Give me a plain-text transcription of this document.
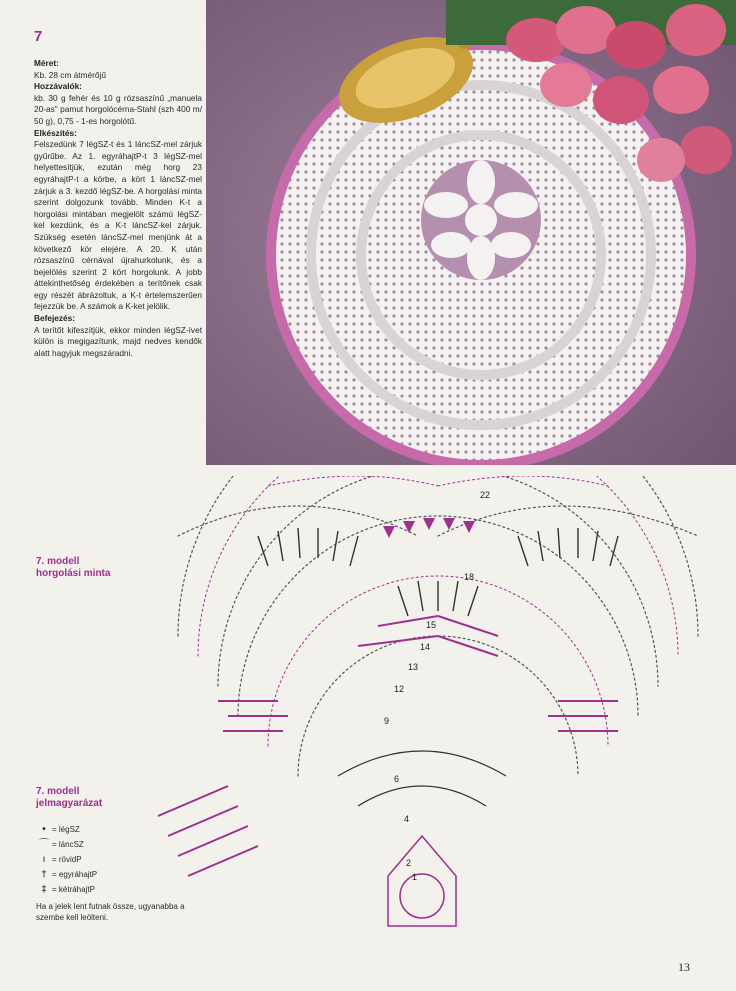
7
Méret:

Kb. 28 cm átmérőjű

Hozzávalók:

kb. 30 g fehér és 10 g rózsaszínű „manuela 20-as" pamut horgolócérna-Stahl (szh 400 m/ 50 g), 0,75 - 1-es horgolótű.

Elkészítés:

Felszedünk 7 légSZ-t és 1 láncSZ-mel zárjuk gyűrűbe. Az 1. egyráhajtP-t 3 légSZ-mel helyettesítjük, ezután még horg 23 egyráhajtP-t a körbe, a kört 1 láncSZ-mel zárjuk a 3. kezdő légSZ-be. A horgolási minta szerint dolgozunk tovább. Minden K-t a horgolási mintában megjelölt számú légSZ-kel kezdünk, és a K-t láncSZ-kel zárjuk. Szükség esetén láncSZ-mel menjünk át a következő kör elejére. A 20. K után rózsaszínű cérnával újrahurkolunk, és a bejelölés szerint 2 kört horgolunk. A jobb áttekinthetőség érdekében a terítőnek csak egy részét ábrázoltuk, a K-t értelemszerűen fejezzük be. A számok a K-ket jelölik.

Befejezés:

A terítőt kifeszítjük, ekkor minden légSZ-ívet külön is megigazítunk, majd nedves kendők alatt hagyjuk megszáradni.

7. modell
horgolási minta
22
18
15
14
13
12
9
6
4
2
1
7. modell
jelmagyarázat
• = légSZ
⌒ = láncSZ
ı = rövidP
† = egyráhajtP
‡ = kétráhajtP
Ha a jelek lent futnak össze, ugyanabba a szembe kell leölteni.
13
